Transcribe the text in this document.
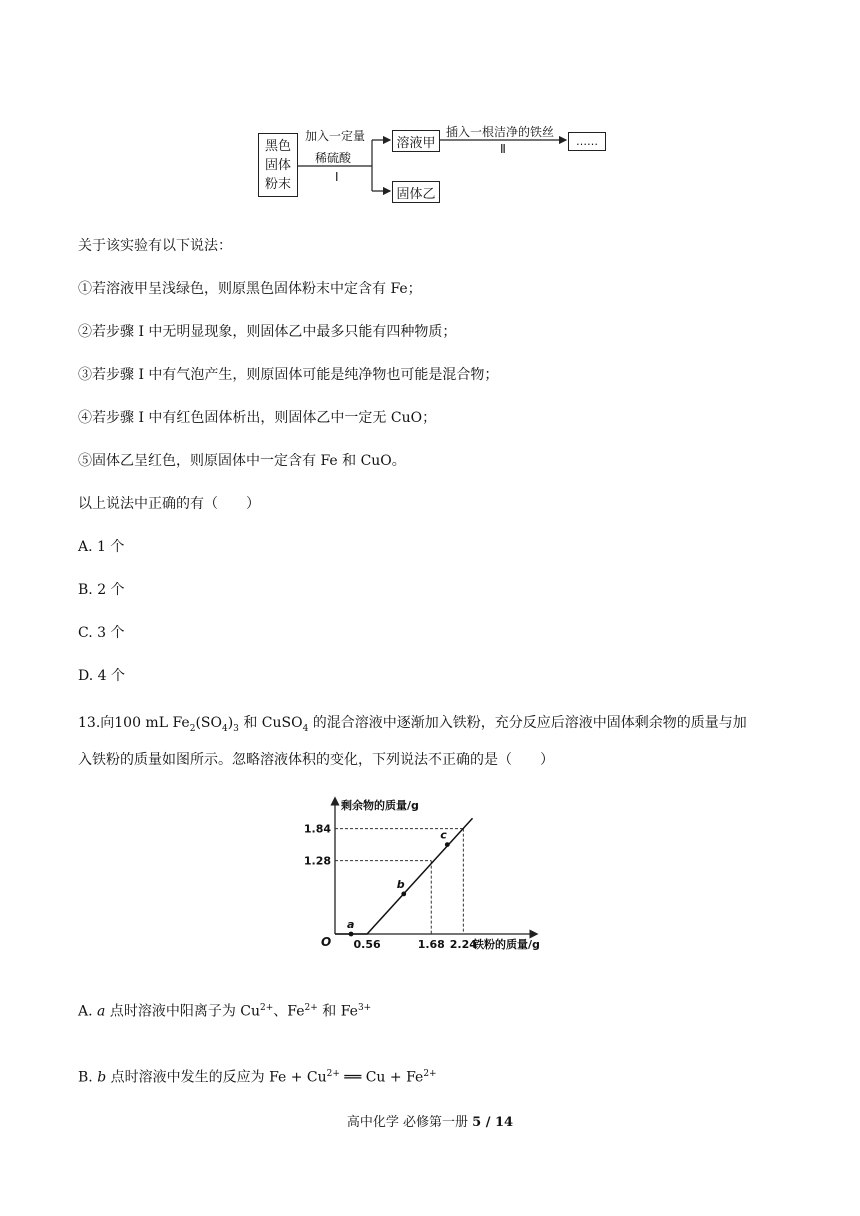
黑色
固体
粉末
加入一定量
稀硫酸
I
溶液甲
固体乙
插入一根洁净的铁丝
Ⅱ
……
关于该实验有以下说法：
①若溶液甲呈浅绿色，则原黑色固体粉末中定含有 Fe；
②若步骤 I 中无明显现象，则固体乙中最多只能有四种物质；
③若步骤 I 中有气泡产生，则原固体可能是纯净物也可能是混合物；
④若步骤 I 中有红色固体析出，则固体乙中一定无 CuO；
⑤固体乙呈红色，则原固体中一定含有 Fe 和 CuO。
以上说法中正确的有（　　）
A. 1 个
B. 2 个
C. 3 个
D. 4 个
13.向100 mL $Fe_2(SO_4)_3$ 和 CuSO$_4$ 的混合溶液中逐渐加入铁粉，充分反应后溶液中固体剩余物的质量与加
入铁粉的质量如图所示。忽略溶液体积的变化，下列说法不正确的是（　　）
a
b
c
0.56	1.68 2.24
1.28
1.84
O
剩余物的质量/g
铁粉的质量/g
A. a 点时溶液中阳离子为 $Cu^{2+}$、$Fe^{2+}$ 和 $Fe^{3+}$
B. b 点时溶液中发生的反应为 $Fe + Cu^{2+}$ ══ $Cu + Fe^{2+}$
高中化学 必修第一册 5 / 14
